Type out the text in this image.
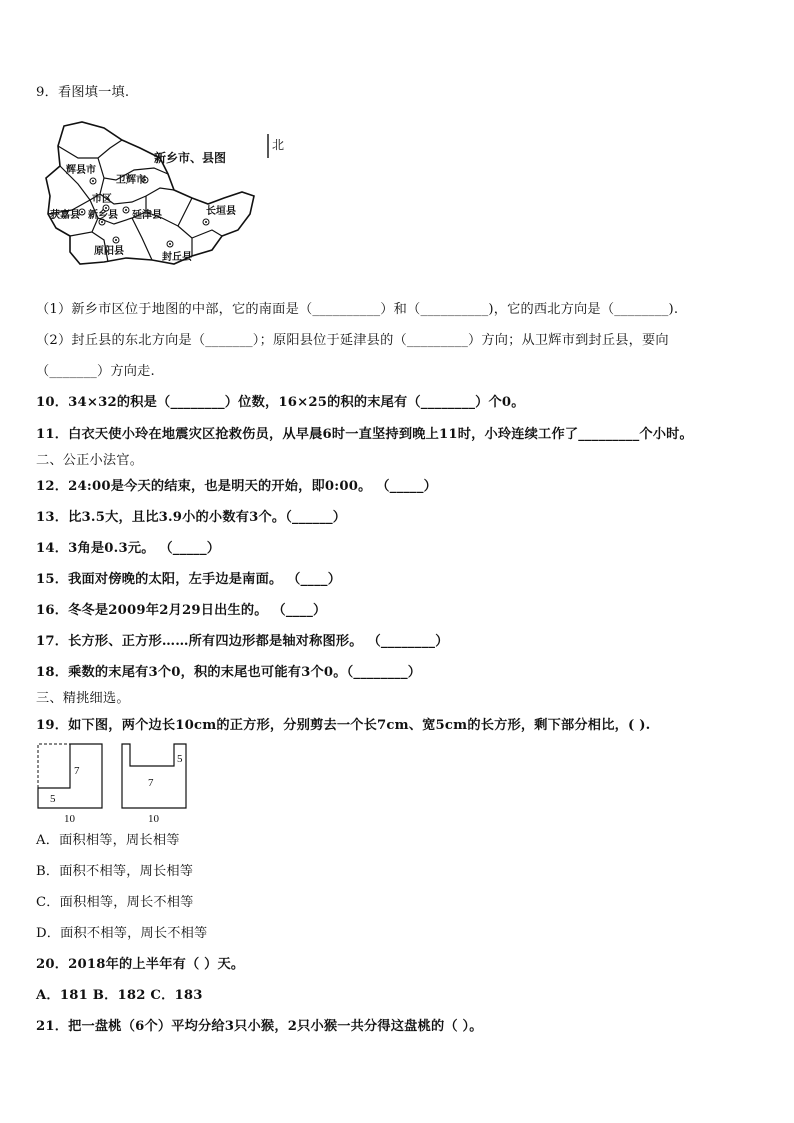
9．看图填一填.
辉县市
卫辉市
市区
获嘉县 新乡县 延津县	长垣县
原阳县
封丘县
新乡市、县图
北
（1）新乡市区位于地图的中部，它的南面是（__________）和（__________)，它的西北方向是（________).
（2）封丘县的东北方向是（_______）；原阳县位于延津县的（_________）方向；从卫辉市到封丘县，要向
（_______）方向走.
10．34×32的积是（________）位数，16×25的积的末尾有（________）个0。
11．白衣天使小玲在地震灾区抢救伤员，从早晨6时一直坚持到晚上11时，小玲连续工作了_________个小时。
二、公正小法官。
12．24:00是今天的结束，也是明天的开始，即0:00。 （_____）
13．比3.5大，且比3.9小的小数有3个。（______）
14．3角是0.3元。 （_____）
15．我面对傍晚的太阳，左手边是南面。 （____）
16．冬冬是2009年2月29日出生的。 （____）
17．长方形、正方形……所有四边形都是轴对称图形。 （________）
18．乘数的末尾有3个0，积的末尾也可能有3个0。（________）
三、精挑细选。
19．如下图，两个边长10cm的正方形，分别剪去一个长7cm、宽5cm的长方形，剩下部分相比，( ).
7
5
10
7
5
10
A．面积相等，周长相等
B．面积不相等，周长相等
C．面积相等，周长不相等
D．面积不相等，周长不相等
20．2018年的上半年有（ ）天。
A．181 B．182 C．183
21．把一盘桃（6个）平均分给3只小猴，2只小猴一共分得这盘桃的（ ）。
